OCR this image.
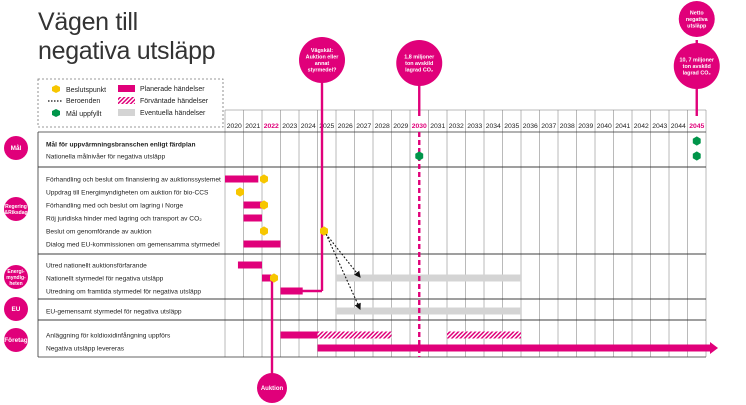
Vägen till
negativa utsläpp
Beslutspunkt
Beroenden
Mål uppfyllt
Planerade händelser
Förväntade händelser
Eventuella händelser
2020 2021 2022 2023 2024 2025 2026 2027 2028 2029 2030 2031 2032 2033 2034 2035 2036 2037 2038 2039 2040 2041 2042 2043 2044 2045
Mål
Regering &Riksdag
Energi-myndig-heten
EU
Företag
Mål för uppvärmningsbranschen enligt färdplan
Nationella målnivåer för negativa utsläpp
Förhandling och beslut om finansiering av auktionssystemet
Uppdrag till Energimyndigheten om auktion för bio-CCS
Förhandling med och beslut om lagring i Norge
Röj juridiska hinder med lagring och transport av CO₂
Beslut om genomförande av auktion
Dialog med EU-kommissionen om gemensamma styrmedel
Utred nationellt auktionsförfarande
Nationellt styrmedel för negativa utsläpp
Utredning om framtida styrmedel för negativa utsläpp
EU-gemensamt styrmedel för negativa utsläpp
Anläggning för koldioxidinfångning uppförs
Negativa utsläpp levereras
Vägskäl: Auktion eller annat styrmedel?
1,8 miljoner ton avskild lagrad CO₂
Netto negativa utsläpp
10, 7 miljoner ton avskild lagrad CO₂
Auktion
